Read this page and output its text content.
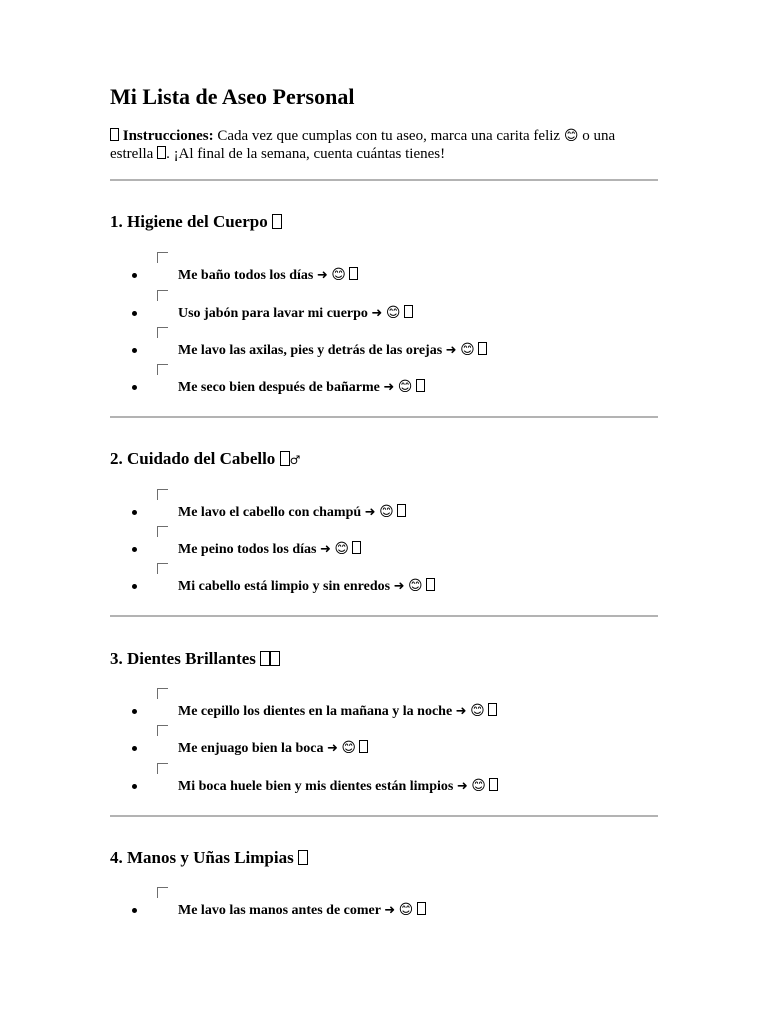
Mi Lista de Aseo Personal
Instrucciones: Cada vez que cumplas con tu aseo, marca una carita feliz 😊 o una estrella . ¡Al final de la semana, cuenta cuántas tienes!
1. Higiene del Cuerpo
Me baño todos los días ➜ 😊
Uso jabón para lavar mi cuerpo ➜ 😊
Me lavo las axilas, pies y detrás de las orejas ➜ 😊
Me seco bien después de bañarme ➜ 😊
2. Cuidado del Cabello ♂
Me lavo el cabello con champú ➜ 😊
Me peino todos los días ➜ 😊
Mi cabello está limpio y sin enredos ➜ 😊
3. Dientes Brillantes
Me cepillo los dientes en la mañana y la noche ➜ 😊
Me enjuago bien la boca ➜ 😊
Mi boca huele bien y mis dientes están limpios ➜ 😊
4. Manos y Uñas Limpias
Me lavo las manos antes de comer ➜ 😊
